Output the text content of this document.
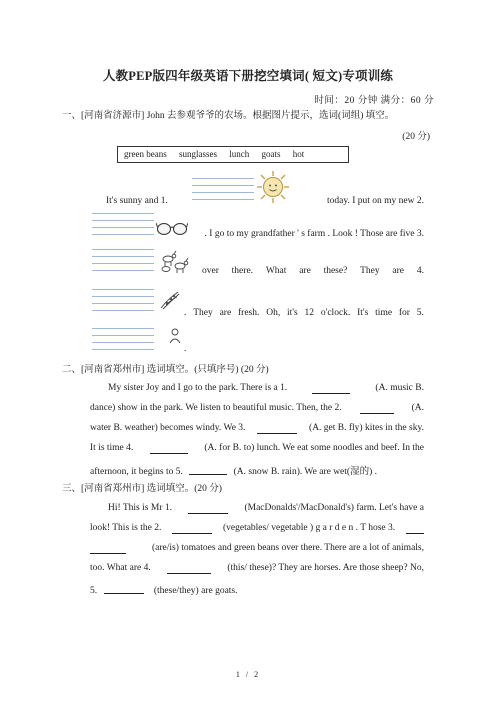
人教PEP版四年级英语下册挖空填词( 短文)专项训练
时间：20 分钟 满分：60 分
一、[河南省济源市] John 去参观爷爷的农场。根据图片提示，选词(词组) 填空。
(20 分)
green beans sunglasses lunch goats hot
It's sunny and 1.	today. I put on my new 2.
. I go to my grandfather ' s farm . Look ! Those are five 3.
over there. What are these? They are 4.
. They are fresh. Oh, it's 12 o'clock. It's time for 5.
.
二、[河南省郑州市] 选词填空。(只填序号) (20 分)
My sister Joy and I go to the park. There is a 1.	(A. music B.
dance) show in the park. We listen to beautiful music. Then, the 2.	(A.
water B. weather) becomes windy. We 3.	(A. get B. fly) kites in the sky.
It is time 4.	(A. for B. to) lunch. We eat some noodles and beef. In the
afternoon, it begins to 5.	(A. snow B. rain). We are wet(湿的) .
三、[河南省郑州市] 选词填空。(20 分)
Hi! This is Mr 1.	(MacDonalds'/MacDonald's) farm. Let's have a
look! This is the 2.	(vegetables/ vegetable ) g a r d e n . T hose 3.
(are/is) tomatoes and green beans over there. There are a lot of animals,
too. What are 4.	(this/ these)? They are horses. Are those sheep? No,
5.	(these/they) are goats.
1 / 2
